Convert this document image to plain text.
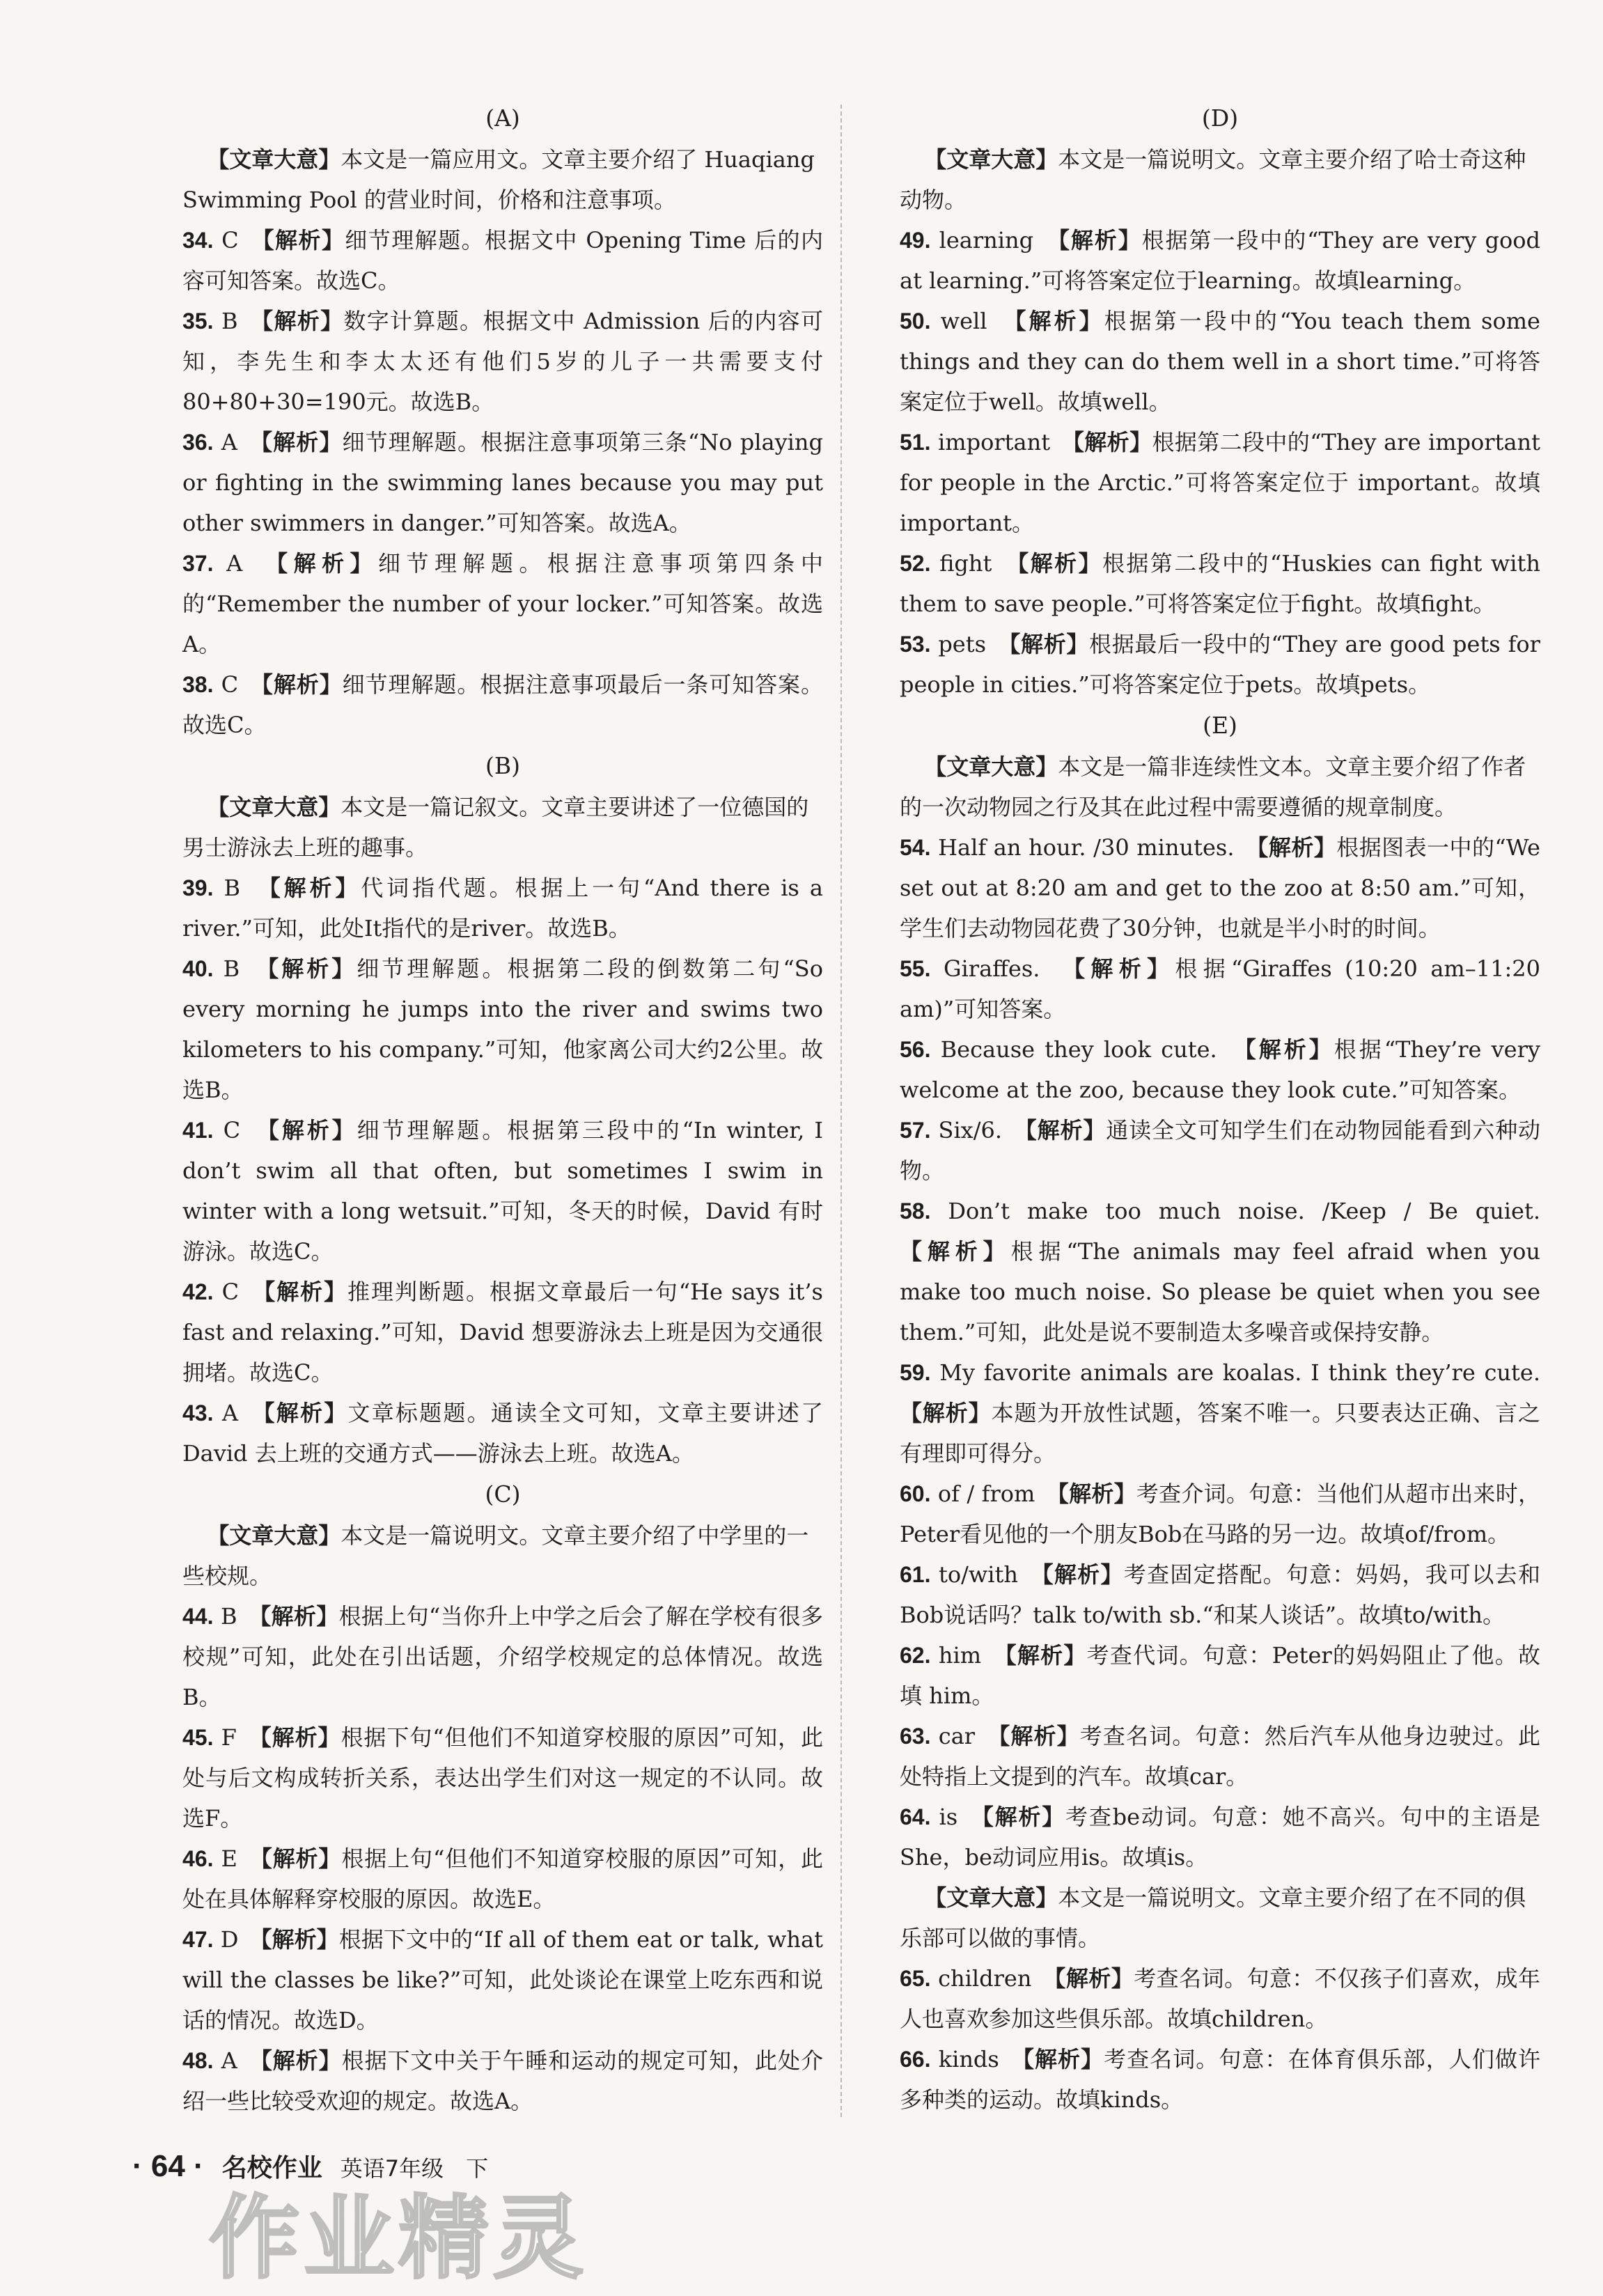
(A)

【文章大意】本文是一篇应用文。文章主要介绍了 Huaqiang Swimming Pool 的营业时间，价格和注意事项。

34. C　 【解析】细节理解题。根据文中 Opening Time 后的内容可知答案。故选C。

35. B　 【解析】数字计算题。根据文中 Admission 后的内容可知，李先生和李太太还有他们5岁的儿子一共需要支付 80+80+30=190元。故选B。

36. A　 【解析】细节理解题。根据注意事项第三条“No playing or fighting in the swimming lanes because you may put other swimmers in danger.”可知答案。故选A。

37. A　 【解析】细节理解题。根据注意事项第四条中的“Remember the number of your locker.”可知答案。故选A。

38. C　 【解析】细节理解题。根据注意事项最后一条可知答案。故选C。

(B)

【文章大意】本文是一篇记叙文。文章主要讲述了一位德国的男士游泳去上班的趣事。

39. B　 【解析】代词指代题。根据上一句“And there is a river.”可知，此处It指代的是river。故选B。

40. B　 【解析】细节理解题。根据第二段的倒数第二句“So every morning he jumps into the river and swims two kilometers to his company.”可知，他家离公司大约2公里。故选B。

41. C　 【解析】细节理解题。根据第三段中的“In winter, I don’t swim all that often, but sometimes I swim in winter with a long wetsuit.”可知，冬天的时候，David 有时游泳。故选C。

42. C　 【解析】推理判断题。根据文章最后一句“He says it’s fast and relaxing.”可知，David 想要游泳去上班是因为交通很拥堵。故选C。

43. A　 【解析】文章标题题。通读全文可知，文章主要讲述了 David 去上班的交通方式——游泳去上班。故选A。

(C)

【文章大意】本文是一篇说明文。文章主要介绍了中学里的一些校规。

44. B　 【解析】根据上句“当你升上中学之后会了解在学校有很多校规”可知，此处在引出话题，介绍学校规定的总体情况。故选B。

45. F　 【解析】根据下句“但他们不知道穿校服的原因”可知，此处与后文构成转折关系，表达出学生们对这一规定的不认同。故选F。

46. E　 【解析】根据上句“但他们不知道穿校服的原因”可知，此处在具体解释穿校服的原因。故选E。

47. D　 【解析】根据下文中的“If all of them eat or talk, what will the classes be like?”可知，此处谈论在课堂上吃东西和说话的情况。故选D。

48. A　 【解析】根据下文中关于午睡和运动的规定可知，此处介绍一些比较受欢迎的规定。故选A。

(D)

【文章大意】本文是一篇说明文。文章主要介绍了哈士奇这种动物。

49. learning　 【解析】根据第一段中的“They are very good at learning.”可将答案定位于learning。故填learning。

50. well　 【解析】根据第一段中的“You teach them some things and they can do them well in a short time.”可将答案定位于well。故填well。

51. important　 【解析】根据第二段中的“They are important for people in the Arctic.”可将答案定位于 important。故填important。

52. fight　 【解析】根据第二段中的“Huskies can fight with them to save people.”可将答案定位于fight。故填fight。

53. pets　 【解析】根据最后一段中的“They are good pets for people in cities.”可将答案定位于pets。故填pets。

(E)

【文章大意】本文是一篇非连续性文本。文章主要介绍了作者的一次动物园之行及其在此过程中需要遵循的规章制度。

54. Half an hour. /30 minutes.　 【解析】根据图表一中的“We set out at 8:20 am and get to the zoo at 8:50 am.”可知，学生们去动物园花费了30分钟，也就是半小时的时间。

55. Giraffes.　 【解析】根据“Giraffes (10:20 am–11:20 am)”可知答案。

56. Because they look cute.　 【解析】根据“They’re very welcome at the zoo, because they look cute.”可知答案。

57. Six/6.　 【解析】通读全文可知学生们在动物园能看到六种动物。

58. Don’t make too much noise. /Keep / Be quiet.　【解析】根据“The animals may feel afraid when you make too much noise. So please be quiet when you see them.”可知，此处是说不要制造太多噪音或保持安静。

59. My favorite animals are koalas. I think they’re cute.　【解析】本题为开放性试题，答案不唯一。只要表达正确、言之有理即可得分。

60. of / from　 【解析】考查介词。句意：当他们从超市出来时，Peter看见他的一个朋友Bob在马路的另一边。故填of/from。

61. to/with　 【解析】考查固定搭配。句意：妈妈，我可以去和Bob说话吗？talk to/with sb.“和某人谈话”。故填to/with。

62. him　 【解析】考查代词。句意：Peter的妈妈阻止了他。故填 him。

63. car　 【解析】考查名词。句意：然后汽车从他身边驶过。此处特指上文提到的汽车。故填car。

64. is　 【解析】考查be动词。句意：她不高兴。句中的主语是She，be动词应用is。故填is。

【文章大意】本文是一篇说明文。文章主要介绍了在不同的俱乐部可以做的事情。

65. children　 【解析】考查名词。句意：不仅孩子们喜欢，成年人也喜欢参加这些俱乐部。故填children。

66. kinds　 【解析】考查名词。句意：在体育俱乐部，人们做许多种类的运动。故填kinds。

· 64 · 名校作业 英语7年级　下
作业精灵
